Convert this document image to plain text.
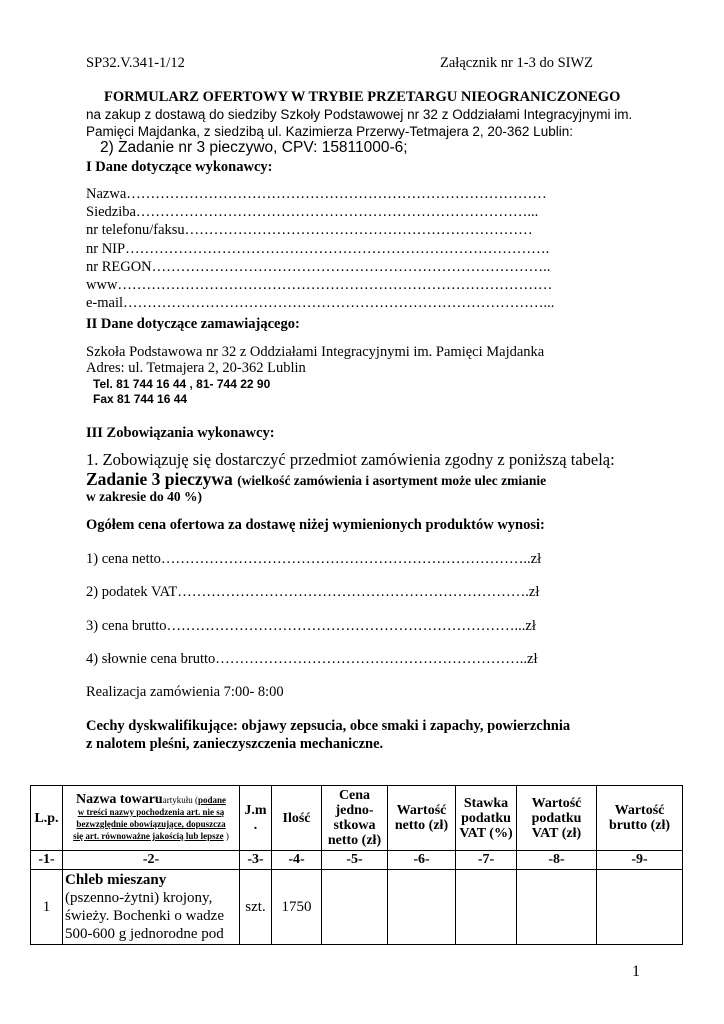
SP32.V.341-1/12	Załącznik nr 1-3 do SIWZ
FORMULARZ OFERTOWY W TRYBIE PRZETARGU NIEOGRANICZONEGO
na zakup z dostawą do siedziby Szkoły Podstawowej nr 32 z Oddziałami Integracyjnymi im.
Pamięci Majdanka, z siedzibą ul. Kazimierza Przerwy-Tetmajera 2, 20-362 Lublin:
2) Zadanie nr 3 pieczywo, CPV: 15811000-6;
I Dane dotyczące wykonawcy:
Nazwa……………………………………………………………………………
Siedziba………………………………………………………………………...
nr telefonu/faksu………………………………………………………………
nr NIP…………………………………………………………………………….
nr REGON………………………………………………………………………..
www………………………………………………………………………………
e-mail……………………………………………………………………………...
II Dane dotyczące zamawiającego:
Szkoła Podstawowa nr 32 z Oddziałami Integracyjnymi im. Pamięci Majdanka
Adres: ul. Tetmajera 2, 20-362 Lublin
Tel. 81 744 16 44 , 81- 744 22 90
Fax 81 744 16 44
III Zobowiązania wykonawcy:
1. Zobowiązuję się dostarczyć przedmiot zamówienia zgodny z poniższą tabelą:
Zadanie 3 pieczywa (wielkość zamówienia i asortyment może ulec zmianie
w zakresie do 40 %)
Ogółem cena ofertowa za dostawę niżej wymienionych produktów wynosi:
1) cena netto…………………………………………………………………..zł
2) podatek VAT……………………………………………………………….zł
3) cena brutto………………………………………………………………...zł
4) słownie cena brutto………………………………………………………..zł
Realizacja zamówienia 7:00- 8:00
Cechy dyskwalifikujące: objawy zepsucia, obce smaki i zapachy, powierzchnia
z nalotem pleśni, zanieczyszczenia mechaniczne.
L.p.	Nazwa towaruartykułu (podane
w treści nazwy pochodzenia art. nie są
bezwzględnie obowiązujące, dopuszcza
się art. równoważne jakością lub lepsze )	J.m .	Ilość	Cena jedno-stkowa netto (zł)	Wartość netto (zł)	Stawka podatku VAT (%)	Wartość podatku VAT (zł)	Wartość brutto (zł)
-1-	-2-	-3-	-4-	-5-	-6-	-7-	-8-	-9-
1	Chleb mieszany
(pszenno-żytni) krojony, świeży. Bochenki o wadze 500-600 g jednorodne pod	szt.	1750					
1
